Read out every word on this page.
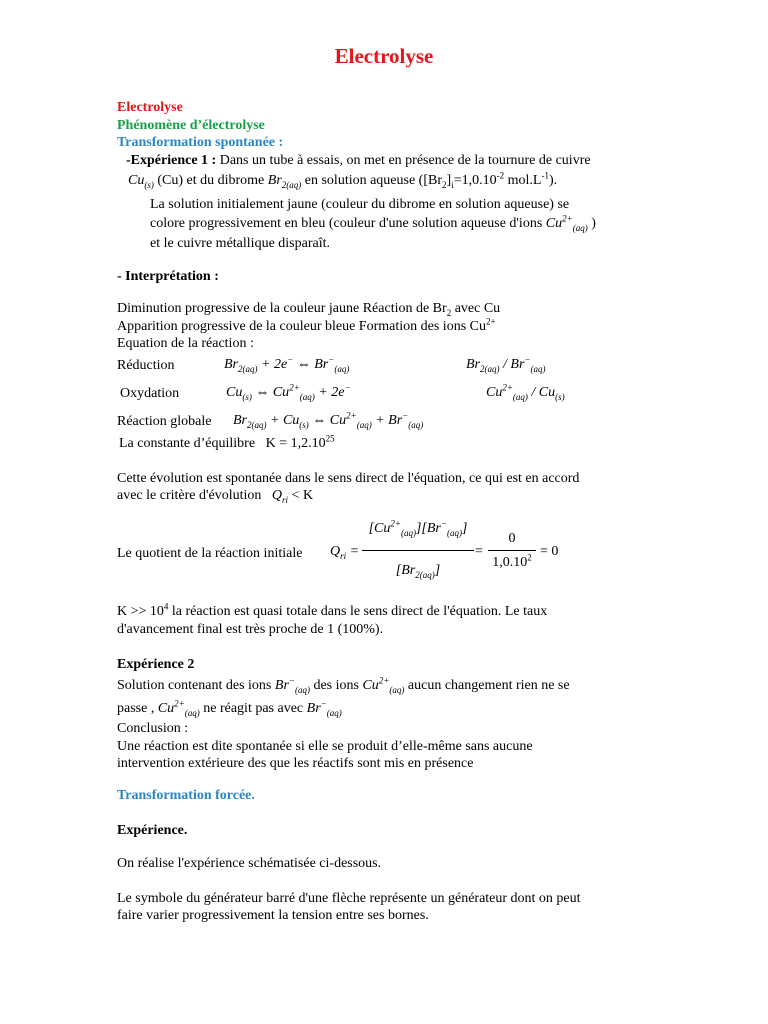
Electrolyse
Electrolyse
Phénomène d’électrolyse
Transformation spontanée :
-Expérience 1 : Dans un tube à essais, on met en présence de la tournure de cuivre
$Cu_{(s)}$ (Cu) et du dibrome $Br_{2(aq)}$ en solution aqueuse ($[Br_2]_i=1,0.10^{-2}$ $mol.L^{-1}$).
La solution initialement jaune (couleur du dibrome en solution aqueuse) se
colore progressivement en bleu (couleur d'une solution aqueuse d'ions $Cu^{2+}_{(aq)}$ )
et le cuivre métallique disparaît.
- Interprétation :
Diminution progressive de la couleur jaune Réaction de $Br_2$ avec Cu
Apparition progressive de la couleur bleue Formation des ions $Cu^{2+}$
Equation de la réaction :
Réduction	$Br_{2(aq)} + 2e^-$ ⇔ $Br^-_{(aq)}$	$Br_{2(aq)} / Br^-_{(aq)}$
Oxydation	$Cu_{(s)}$ ⇔ $Cu^{2+}_{(aq)} + 2e^-$	$Cu^{2+}_{(aq)} / Cu_{(s)}$
Réaction globale $Br_{2(aq)} + Cu_{(s)}$ ⇔ $Cu^{2+}_{(aq)} + Br^-_{(aq)}$
La constante d’équilibre $K = 1,2.10^{25}$
Cette évolution est spontanée dans le sens direct de l'équation, ce qui est en accord
avec le critère d'évolution $Q_{ri} < K$
Le quotient de la réaction initiale $Q_{ri}$ =
$[Cu^{2+}_{(aq)}][Br^-_{(aq)}]$
$[Br_{2(aq)}]$
=
0
$1,0.10^2 = 0$
$K >> 10^4$ la réaction est quasi totale dans le sens direct de l'équation. Le taux
d'avancement final est très proche de 1 (100%).
Expérience 2
Solution contenant des ions $Br^-_{(aq)}$ des ions $Cu^{2+}_{(aq)}$ aucun changement rien ne se
passe , $Cu^{2+}_{(aq)}$ ne réagit pas avec $Br^-_{(aq)}$
Conclusion :
Une réaction est dite spontanée si elle se produit d’elle-même sans aucune
intervention extérieure des que les réactifs sont mis en présence
Transformation forcée.
Expérience.
On réalise l'expérience schématisée ci-dessous.
Le symbole du générateur barré d'une flèche représente un générateur dont on peut
faire varier progressivement la tension entre ses bornes.
